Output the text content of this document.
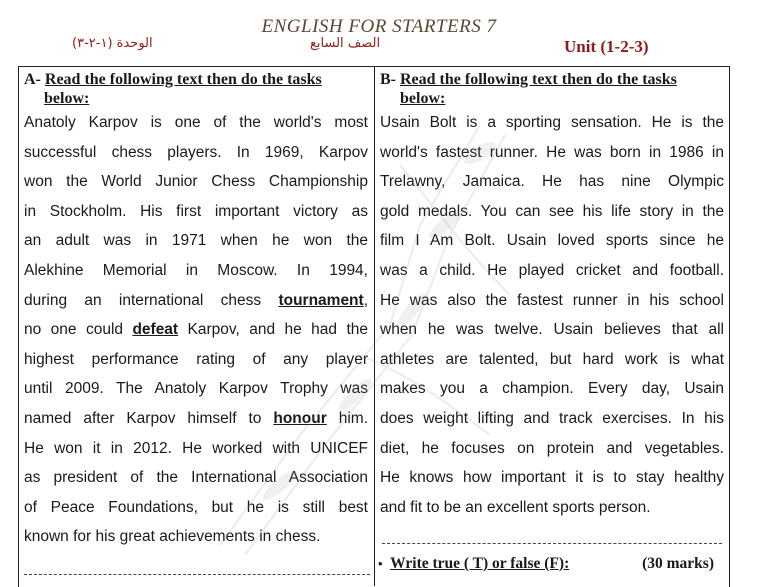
ENGLISH FOR STARTERS 7
الوحدة (١-٢-٣)	الصف السابع	Unit (1-2-3)

A- Read the following text then do the tasks
below:

Anatoly Karpov is one of the world's most
successful chess players. In 1969, Karpov
won the World Junior Chess Championship
in Stockholm. His first important victory as
an adult was in 1971 when he won the
Alekhine Memorial in Moscow. In 1994,
during an international chess tournament,
no one could defeat Karpov, and he had the
highest performance rating of any player
until 2009. The Anatoly Karpov Trophy was
named after Karpov himself to honour him.
He won it in 2012. He worked with UNICEF
as president of the International Association
of Peace Foundations, but he is still best
known for his great achievements in chess.

B- Read the following text then do the tasks
below:

Usain Bolt is a sporting sensation. He is the
world's fastest runner. He was born in 1986 in
Trelawny, Jamaica. He has nine Olympic
gold medals. You can see his life story in the
film I Am Bolt. Usain loved sports since he
was a child. He played cricket and football.
He was also the fastest runner in his school
when he was twelve. Usain believes that all
athletes are talented, but hard work is what
makes you a champion. Every day, Usain
does weight lifting and track exercises. In his
diet, he focuses on protein and vegetables.
He knows how important it is to stay healthy
and fit to be an excellent sports person.
• Write true ( T) or false (F):	(30 marks)
